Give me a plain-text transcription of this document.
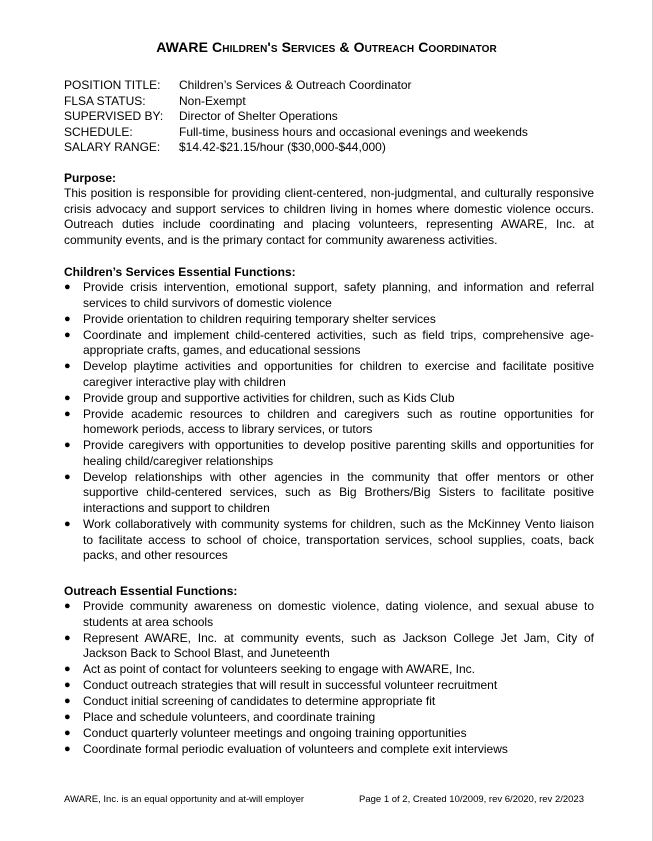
AWARE Children's Services & Outreach Coordinator
POSITION TITLE:	Children’s Services & Outreach Coordinator
FLSA STATUS:	Non-Exempt
SUPERVISED BY:	Director of Shelter Operations
SCHEDULE:	Full-time, business hours and occasional evenings and weekends
SALARY RANGE:	$14.42-$21.15/hour ($30,000-$44,000)
Purpose:
This position is responsible for providing client-centered, non-judgmental, and culturally responsive crisis advocacy and support services to children living in homes where domestic violence occurs. Outreach duties include coordinating and placing volunteers, representing AWARE, Inc. at community events, and is the primary contact for community awareness activities.
Children’s Services Essential Functions:
● Provide crisis intervention, emotional support, safety planning, and information and referral services to child survivors of domestic violence
● Provide orientation to children requiring temporary shelter services
● Coordinate and implement child-centered activities, such as field trips, comprehensive age-appropriate crafts, games, and educational sessions
● Develop playtime activities and opportunities for children to exercise and facilitate positive caregiver interactive play with children
● Provide group and supportive activities for children, such as Kids Club
● Provide academic resources to children and caregivers such as routine opportunities for homework periods, access to library services, or tutors
● Provide caregivers with opportunities to develop positive parenting skills and opportunities for healing child/caregiver relationships
● Develop relationships with other agencies in the community that offer mentors or other supportive child-centered services, such as Big Brothers/Big Sisters to facilitate positive interactions and support to children
● Work collaboratively with community systems for children, such as the McKinney Vento liaison to facilitate access to school of choice, transportation services, school supplies, coats, back packs, and other resources
Outreach Essential Functions:
● Provide community awareness on domestic violence, dating violence, and sexual abuse to students at area schools
● Represent AWARE, Inc. at community events, such as Jackson College Jet Jam, City of Jackson Back to School Blast, and Juneteenth
● Act as point of contact for volunteers seeking to engage with AWARE, Inc.
● Conduct outreach strategies that will result in successful volunteer recruitment
● Conduct initial screening of candidates to determine appropriate fit
● Place and schedule volunteers, and coordinate training
● Conduct quarterly volunteer meetings and ongoing training opportunities
● Coordinate formal periodic evaluation of volunteers and complete exit interviews
AWARE, Inc. is an equal opportunity and at-will employer	Page 1 of 2, Created 10/2009, rev 6/2020, rev 2/2023
